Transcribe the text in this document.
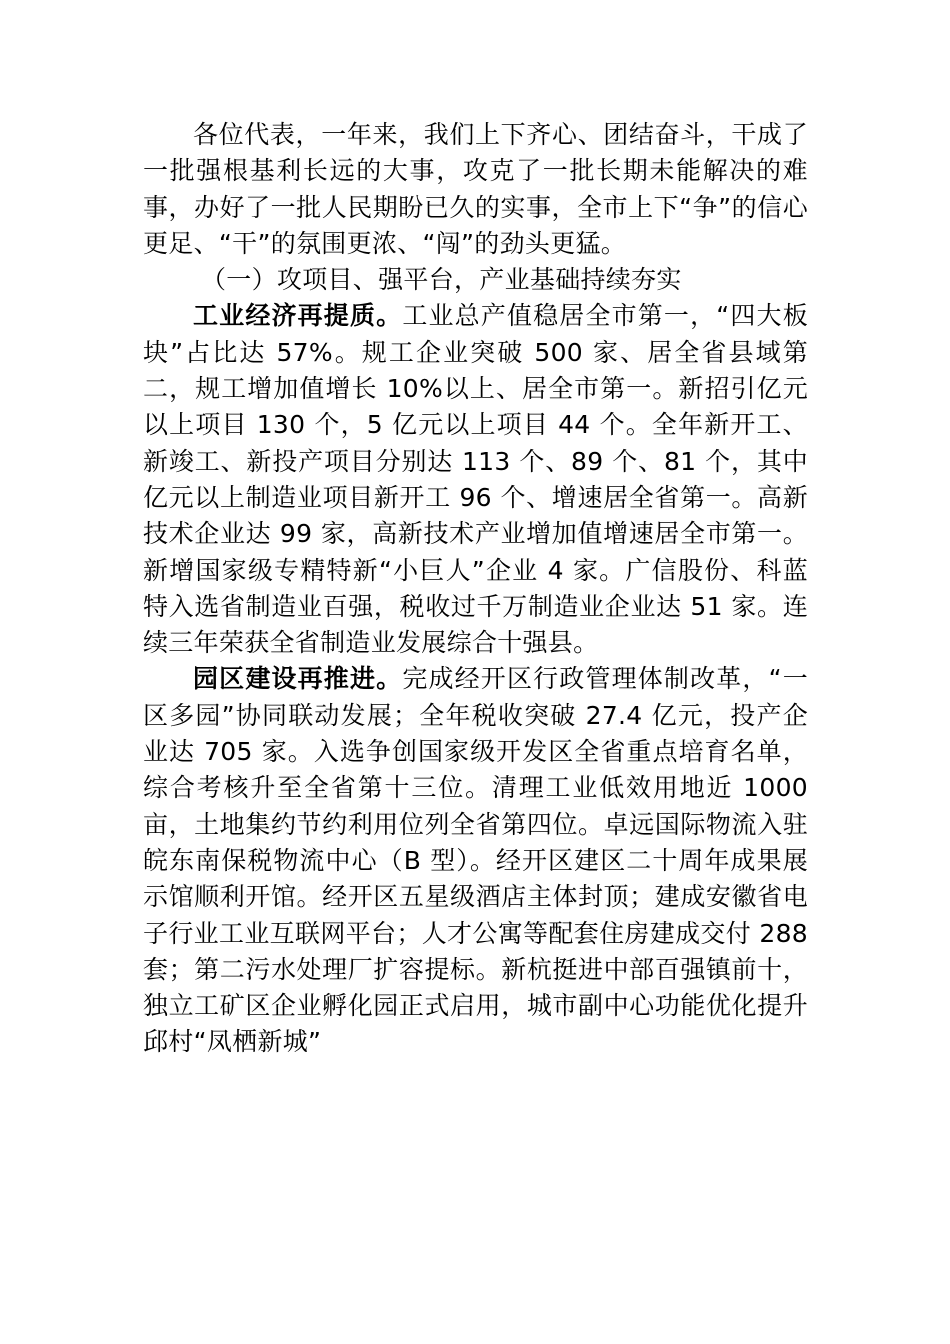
各位代表，一年来，我们上下齐心、团结奋斗，干成了一批强根基利长远的大事，攻克了一批长期未能解决的难事，办好了一批人民期盼已久的实事，全市上下“争”的信心更足、“干”的氛围更浓、“闯”的劲头更猛。

（一）攻项目、强平台，产业基础持续夯实

工业经济再提质。工业总产值稳居全市第一，“四大板块”占比达 57%。规工企业突破 500 家、居全省县域第二，规工增加值增长 10%以上、居全市第一。新招引亿元以上项目 130 个，5 亿元以上项目 44 个。全年新开工、新竣工、新投产项目分别达 113 个、89 个、81 个，其中亿元以上制造业项目新开工 96 个、增速居全省第一。高新技术企业达 99 家，高新技术产业增加值增速居全市第一。新增国家级专精特新“小巨人”企业 4 家。广信股份、科蓝特入选省制造业百强，税收过千万制造业企业达 51 家。连续三年荣获全省制造业发展综合十强县。

园区建设再推进。完成经开区行政管理体制改革，“一区多园”协同联动发展；全年税收突破 27.4 亿元，投产企业达 705 家。入选争创国家级开发区全省重点培育名单，综合考核升至全省第十三位。清理工业低效用地近 1000 亩，土地集约节约利用位列全省第四位。卓远国际物流入驻皖东南保税物流中心（B 型）。经开区建区二十周年成果展示馆顺利开馆。经开区五星级酒店主体封顶；建成安徽省电子行业工业互联网平台；人才公寓等配套住房建成交付 288 套；第二污水处理厂扩容提标。新杭挺进中部百强镇前十，独立工矿区企业孵化园正式启用，城市副中心功能优化提升邱村“凤栖新城”
